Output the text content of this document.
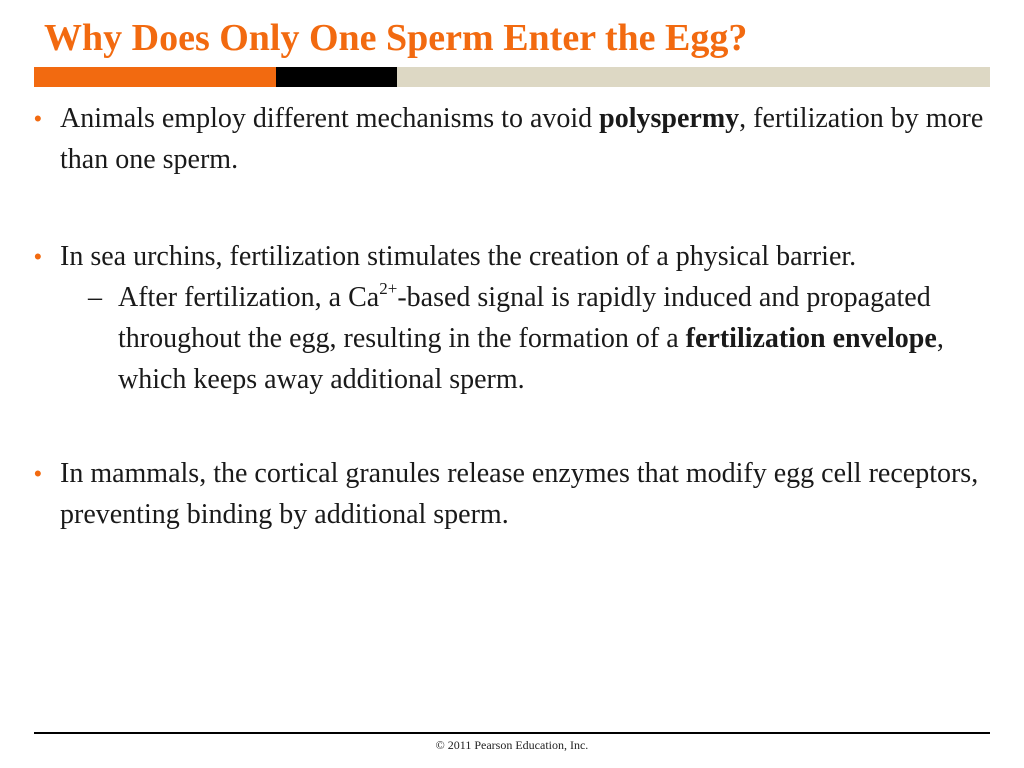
Why Does Only One Sperm Enter the Egg?

• Animals employ different mechanisms to avoid polyspermy, fertilization by more than one sperm.

• In sea urchins, fertilization stimulates the creation of a physical barrier.

– After fertilization, a $Ca^{2+}$-based signal is rapidly induced and propagated throughout the egg, resulting in the formation of a fertilization envelope, which keeps away additional sperm.

• In mammals, the cortical granules release enzymes that modify egg cell receptors, preventing binding by additional sperm.

© 2011 Pearson Education, Inc.
